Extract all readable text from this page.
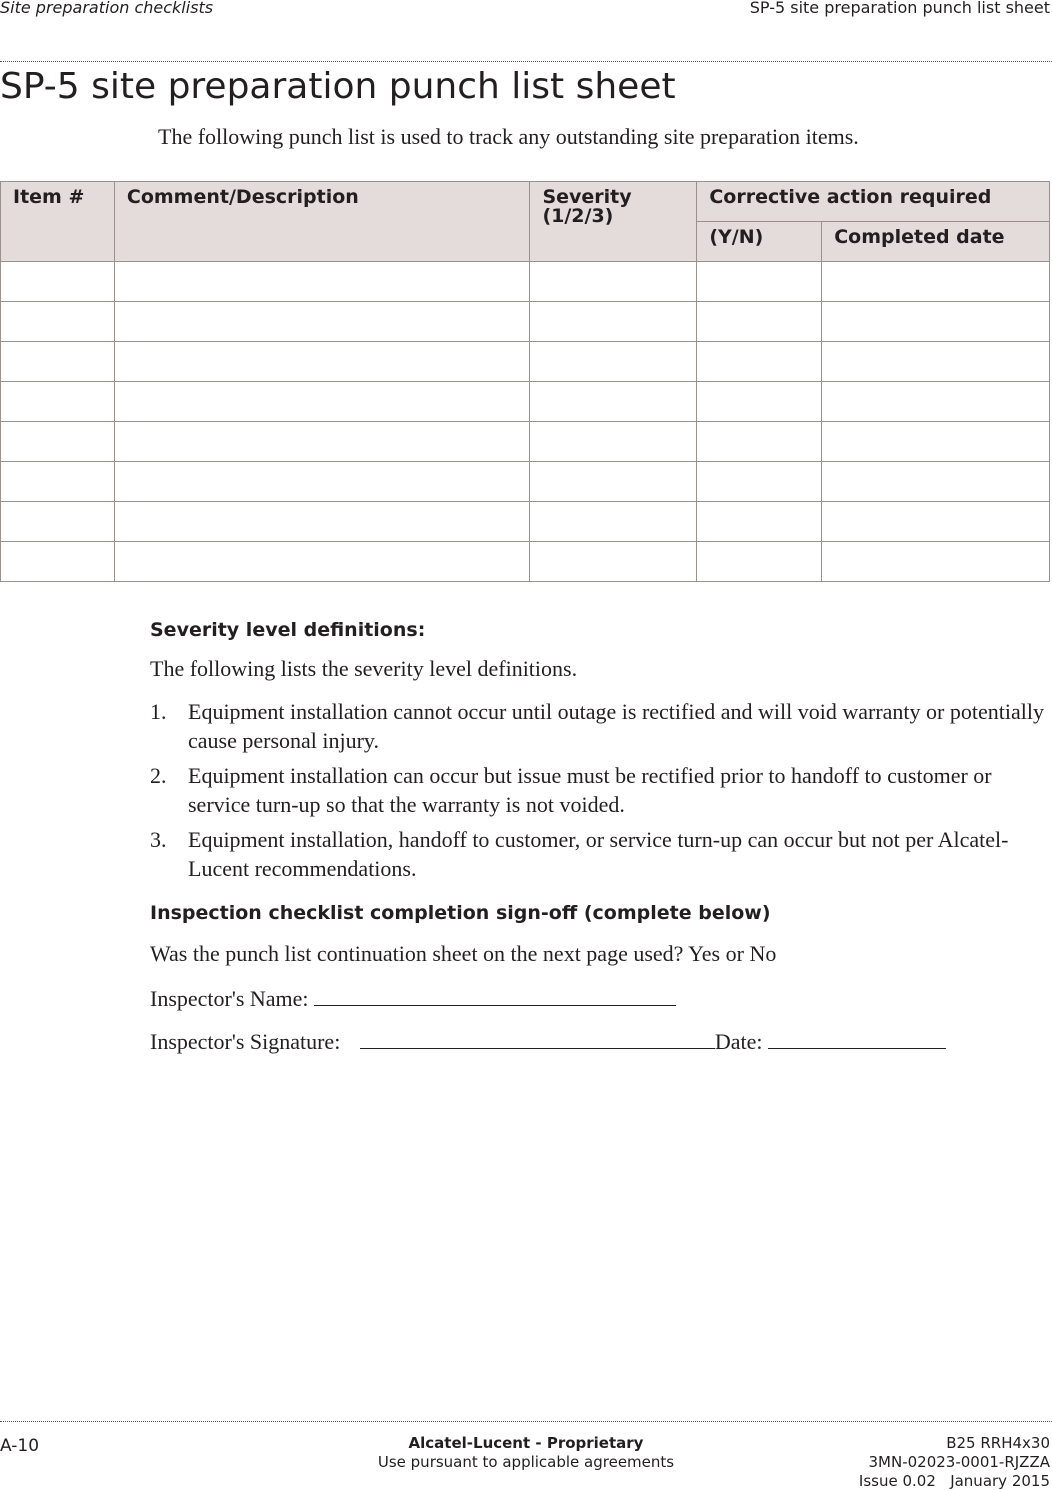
Site preparation checklists	SP-5 site preparation punch list sheet
SP-5 site preparation punch list sheet
The following punch list is used to track any outstanding site preparation items.
Item #	Comment/Description	Severity (1/2/3)	Corrective action required	
			(Y/N)	Completed date

Severity level definitions:
The following lists the severity level definitions.
1. Equipment installation cannot occur until outage is rectified and will void warranty or potentially cause personal injury.
2. Equipment installation can occur but issue must be rectified prior to handoff to customer or service turn-up so that the warranty is not voided.
3. Equipment installation, handoff to customer, or service turn-up can occur but not per Alcatel-Lucent recommendations.
Inspection checklist completion sign-off (complete below)
Was the punch list continuation sheet on the next page used? Yes or No
Inspector's Name:
Inspector's Signature:	Date:
A-10	Alcatel-Lucent - Proprietary
Use pursuant to applicable agreements
B25 RRH4x30
3MN-02023-0001-RJZZA
Issue 0.02 January 2015
